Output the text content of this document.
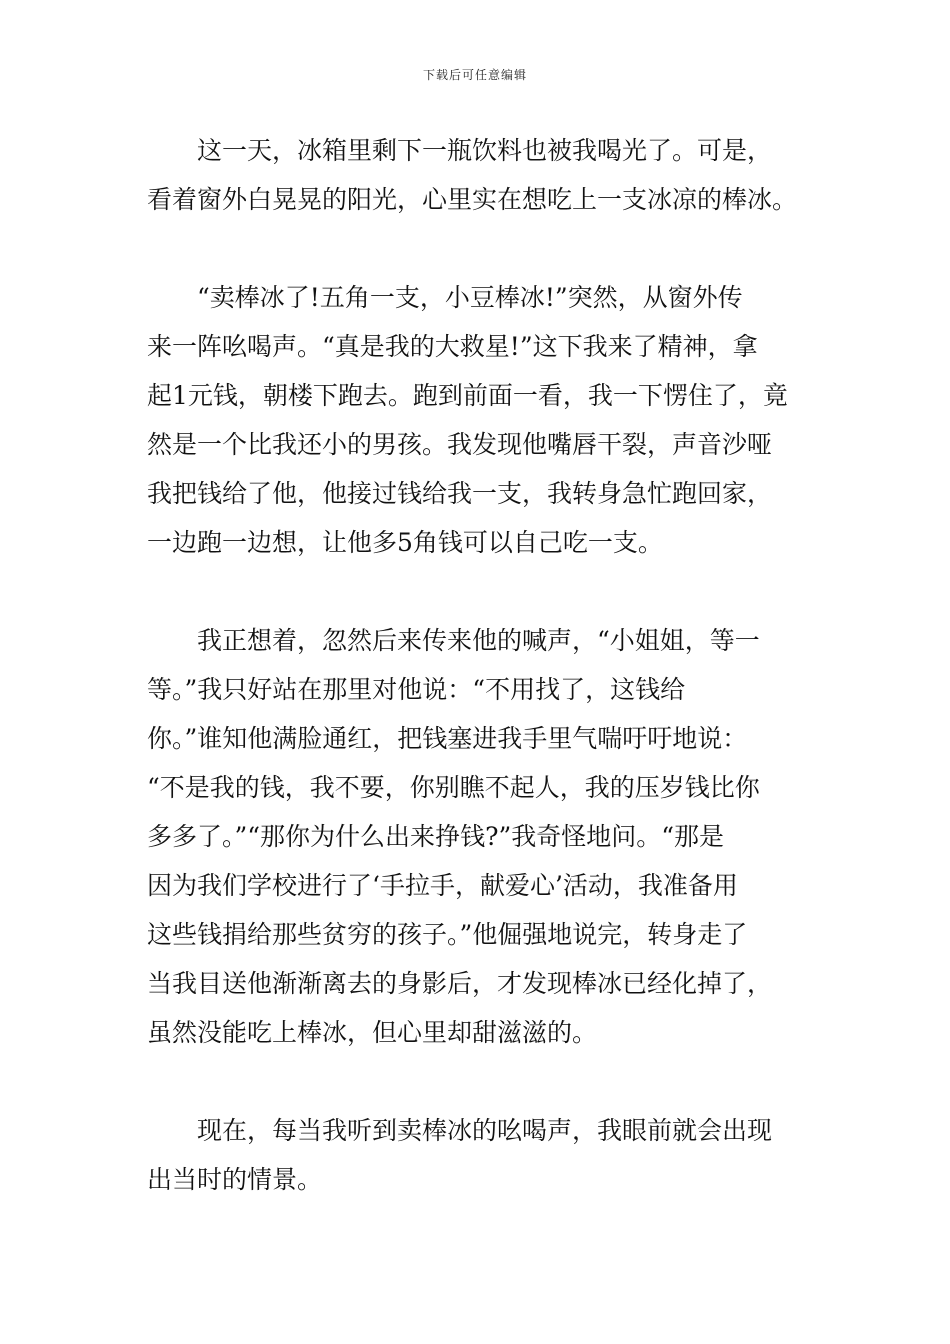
下载后可任意编辑
这一天，冰箱里剩下一瓶饮料也被我喝光了。可是，
看着窗外白晃晃的阳光，心里实在想吃上一支冰凉的棒冰。
“卖棒冰了!五角一支，小豆棒冰!”突然，从窗外传
来一阵吆喝声。“真是我的大救星!”这下我来了精神，拿
起1元钱，朝楼下跑去。跑到前面一看，我一下愣住了，竟
然是一个比我还小的男孩。我发现他嘴唇干裂，声音沙哑
我把钱给了他，他接过钱给我一支，我转身急忙跑回家，
一边跑一边想，让他多5角钱可以自己吃一支。
我正想着，忽然后来传来他的喊声，“小姐姐，等一
等。”我只好站在那里对他说：“不用找了，这钱给
你。”谁知他满脸通红，把钱塞进我手里气喘吁吁地说：
“不是我的钱，我不要，你别瞧不起人，我的压岁钱比你
多多了。”“那你为什么出来挣钱?”我奇怪地问。“那是
因为我们学校进行了‘手拉手，献爱心’活动，我准备用
这些钱捐给那些贫穷的孩子。”他倔强地说完，转身走了
当我目送他渐渐离去的身影后，才发现棒冰已经化掉了，
虽然没能吃上棒冰，但心里却甜滋滋的。
现在，每当我听到卖棒冰的吆喝声，我眼前就会出现
出当时的情景。
